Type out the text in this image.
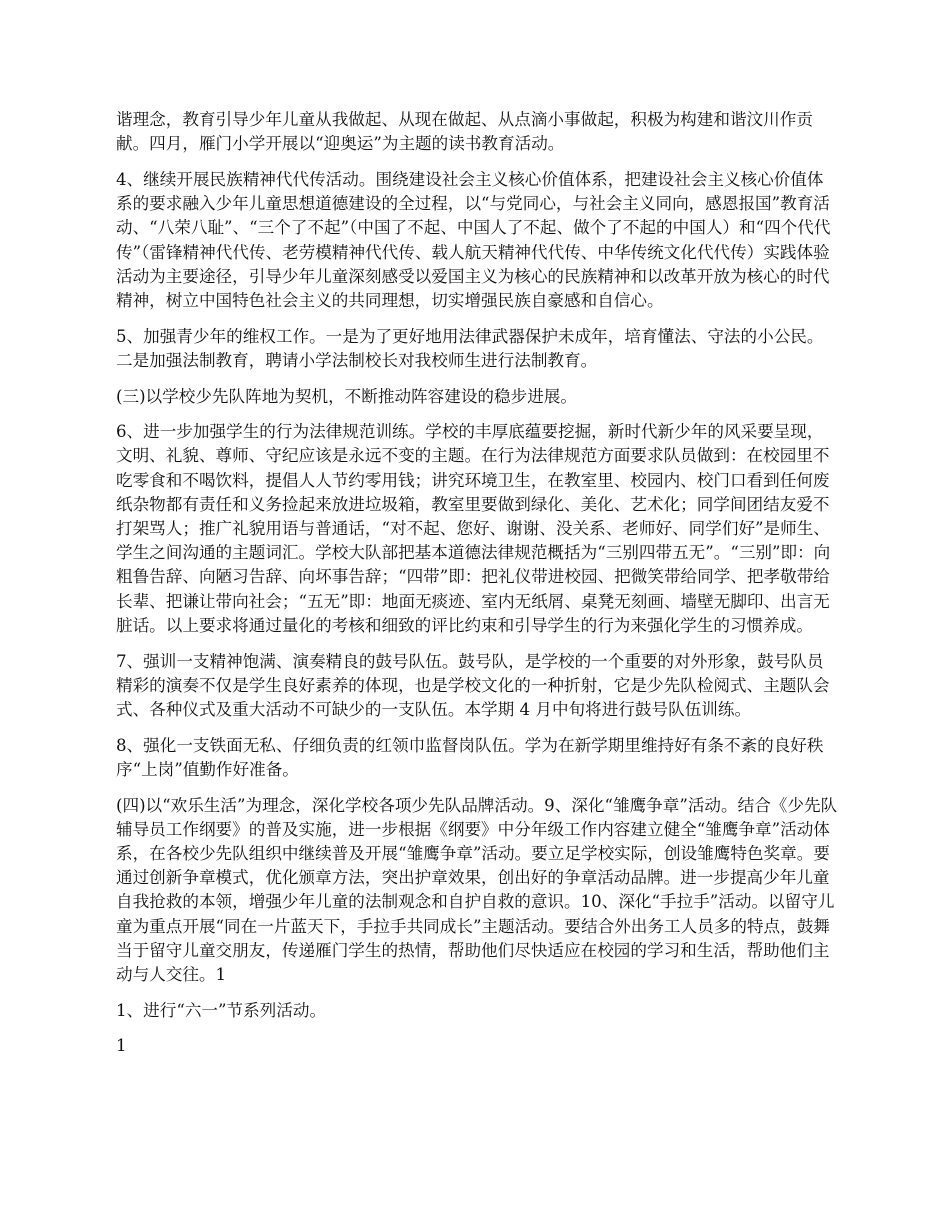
谐理念，教育引导少年儿童从我做起、从现在做起、从点滴小事做起，积极为构建和谐汶川作贡献。四月，雁门小学开展以“迎奥运”为主题的读书教育活动。

4、继续开展民族精神代代传活动。围绕建设社会主义核心价值体系，把建设社会主义核心价值体系的要求融入少年儿童思想道德建设的全过程，以“与党同心，与社会主义同向，感恩报国”教育活动、“八荣八耻”、“三个了不起”（中国了不起、中国人了不起、做个了不起的中国人）和“四个代代传”（雷锋精神代代传、老劳模精神代代传、载人航天精神代代传、中华传统文化代代传）实践体验活动为主要途径，引导少年儿童深刻感受以爱国主义为核心的民族精神和以改革开放为核心的时代精神，树立中国特色社会主义的共同理想，切实增强民族自豪感和自信心。

5、加强青少年的维权工作。一是为了更好地用法律武器保护未成年，培育懂法、守法的小公民。二是加强法制教育，聘请小学法制校长对我校师生进行法制教育。

(三)以学校少先队阵地为契机，不断推动阵容建设的稳步进展。

6、进一步加强学生的行为法律规范训练。学校的丰厚底蕴要挖掘，新时代新少年的风采要呈现，文明、礼貌、尊师、守纪应该是永远不变的主题。在行为法律规范方面要求队员做到：在校园里不吃零食和不喝饮料，提倡人人节约零用钱；讲究环境卫生，在教室里、校园内、校门口看到任何废纸杂物都有责任和义务捡起来放进垃圾箱，教室里要做到绿化、美化、艺术化；同学间团结友爱不打架骂人；推广礼貌用语与普通话，“对不起、您好、谢谢、没关系、老师好、同学们好”是师生、学生之间沟通的主题词汇。学校大队部把基本道德法律规范概括为“三别四带五无”。“三别”即：向粗鲁告辞、向陋习告辞、向坏事告辞；“四带”即：把礼仪带进校园、把微笑带给同学、把孝敬带给长辈、把谦让带向社会；“五无”即：地面无痰迹、室内无纸屑、桌凳无刻画、墙壁无脚印、出言无脏话。以上要求将通过量化的考核和细致的评比约束和引导学生的行为来强化学生的习惯养成。

7、强训一支精神饱满、演奏精良的鼓号队伍。鼓号队，是学校的一个重要的对外形象，鼓号队员精彩的演奏不仅是学生良好素养的体现，也是学校文化的一种折射，它是少先队检阅式、主题队会式、各种仪式及重大活动不可缺少的一支队伍。本学期 4 月中旬将进行鼓号队伍训练。

8、强化一支铁面无私、仔细负责的红领巾监督岗队伍。学为在新学期里维持好有条不紊的良好秩序“上岗”值勤作好准备。

(四)以“欢乐生活”为理念，深化学校各项少先队品牌活动。9、深化“雏鹰争章”活动。结合《少先队辅导员工作纲要》的普及实施，进一步根据《纲要》中分年级工作内容建立健全“雏鹰争章”活动体系，在各校少先队组织中继续普及开展“雏鹰争章”活动。要立足学校实际，创设雏鹰特色奖章。要通过创新争章模式，优化颁章方法，突出护章效果，创出好的争章活动品牌。进一步提高少年儿童自我抢救的本领，增强少年儿童的法制观念和自护自救的意识。10、深化“手拉手”活动。以留守儿童为重点开展“同在一片蓝天下，手拉手共同成长”主题活动。要结合外出务工人员多的特点，鼓舞当于留守儿童交朋友，传递雁门学生的热情，帮助他们尽快适应在校园的学习和生活，帮助他们主动与人交往。1

1、进行“六一”节系列活动。

1
